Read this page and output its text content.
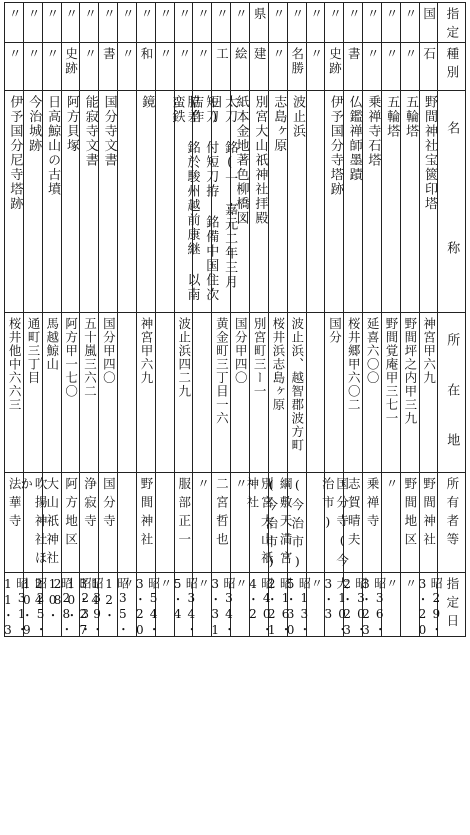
〃	〃	〃	〃	〃	〃	〃	〃	〃	〃	〃	〃	〃	県	〃	〃	〃	〃	〃	〃	〃	〃	国	指定

〃	〃	〃	史跡	〃	書	〃	和	〃	〃	〃	工	絵	建	〃	名勝	〃	史跡	書	〃	〃	〃	石	種別

伊予国分尼寺塔跡	今治城跡	日高鯨山の古墳	阿方貝塚	能寂寺文書	国分寺文書		鏡		脇差 銘於駿州越前康継 以南蛮鉄	短刀 付短刀拵 銘備中国住次吉作	太刀 銘(一 嘉元二年三月日)	紙本金地著色柳橋図	別宮大山祇神社拝殿	志島ヶ原	波止浜		伊予国分寺塔跡	仏鑑禅師墨蹟	乗禅寺石塔	五輪塔	五輪塔	野間神社宝篋印塔	名
称

桜井他中六六三	通町三丁目	馬越鯨山	阿方甲一七〇	五十嵐三六二	国分甲四〇		神宮甲六九		波止浜四二九		黄金町三丁目一六	国分甲四〇	別宮町三ー一	桜井浜志島ヶ原	波止浜、越智郡波方町		国分	桜井郷甲六〇二	延喜六〇〇	野間覚庵甲三七一	野間坪之内甲三九	神宮甲六九	所
在
地

法華寺	吹揚神社ほか	大山祇神社	阿方地区	浄寂寺	国分寺		野間神社		服部正一	〃	二宮哲也	〃	別宮大山祇神社	綱敷天満宮(今治市)	(今治市)		国分寺(今治市)	志賀晴夫	乗禅寺	〃	野間地区	野間神社	所有者等

昭31・11・3	昭25・10・9	昭28・10・24	昭23・10・28	昭39・3・27	昭35・12・14	〃	昭54・3・20	〃	昭34・5・4	〃	昭34・3・31	〃	昭40・4・2	昭16・2・21	昭13・5・30	〃	大10・3・3	昭30・2・23	昭36・3・23	〃	〃	昭29・3・20	指定日
